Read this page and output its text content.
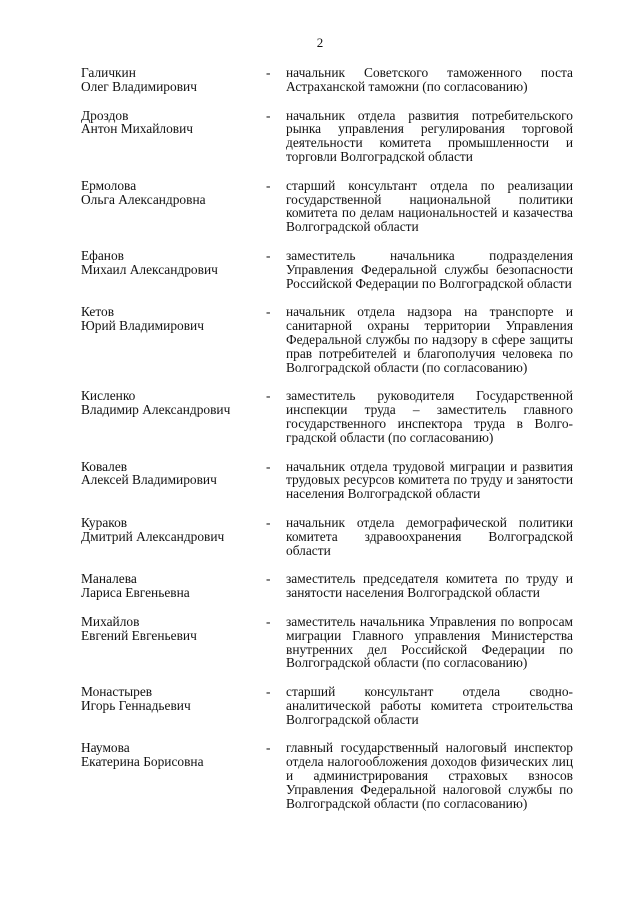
2
Галичкин
Олег Владимирович
- начальник Советского таможенного поста Астраханской таможни (по согласованию)
Дроздов
Антон Михайлович
- начальник отдела развития потребительского рынка управления регулирования торговой деятельности комитета промышленности и торговли Волгоградской области
Ермолова
Ольга Александровна
- старший консультант отдела по реализации государственной национальной политики комитета по делам национальностей и казачества Волгоградской области
Ефанов
Михаил Александрович
- заместитель начальника подразделения Управления Федеральной службы безопасности Российской Федерации по Волгоградской области
Кетов
Юрий Владимирович
- начальник отдела надзора на транспорте и санитарной охраны территории Управления Федеральной службы по надзору в сфере защиты прав потребителей и благополучия человека по Волгоградской области (по согласованию)
Кисленко
Владимир Александрович
- заместитель руководителя Государственной инспекции труда – заместитель главного государственного инспектора труда в Волгоградской области (по согласованию)
Ковалев
Алексей Владимирович
- начальник отдела трудовой миграции и развития трудовых ресурсов комитета по труду и занятости населения Волгоградской области
Кураков
Дмитрий Александрович
- начальник отдела демографической политики комитета здравоохранения Волгоградской области
Маналева
Лариса Евгеньевна
- заместитель председателя комитета по труду и занятости населения Волгоградской области
Михайлов
Евгений Евгеньевич
- заместитель начальника Управления по вопросам миграции Главного управления Министерства внутренних дел Российской Федерации по Волгоградской области (по согласованию)
Монастырев
Игорь Геннадьевич
- старший консультант отдела сводно-аналитической работы комитета строительства Волгоградской области
Наумова
Екатерина Борисовна
- главный государственный налоговый инспектор отдела налогообложения доходов физических лиц и администрирования страховых взносов Управления Федеральной налоговой службы по Волгоградской области (по согласованию)
